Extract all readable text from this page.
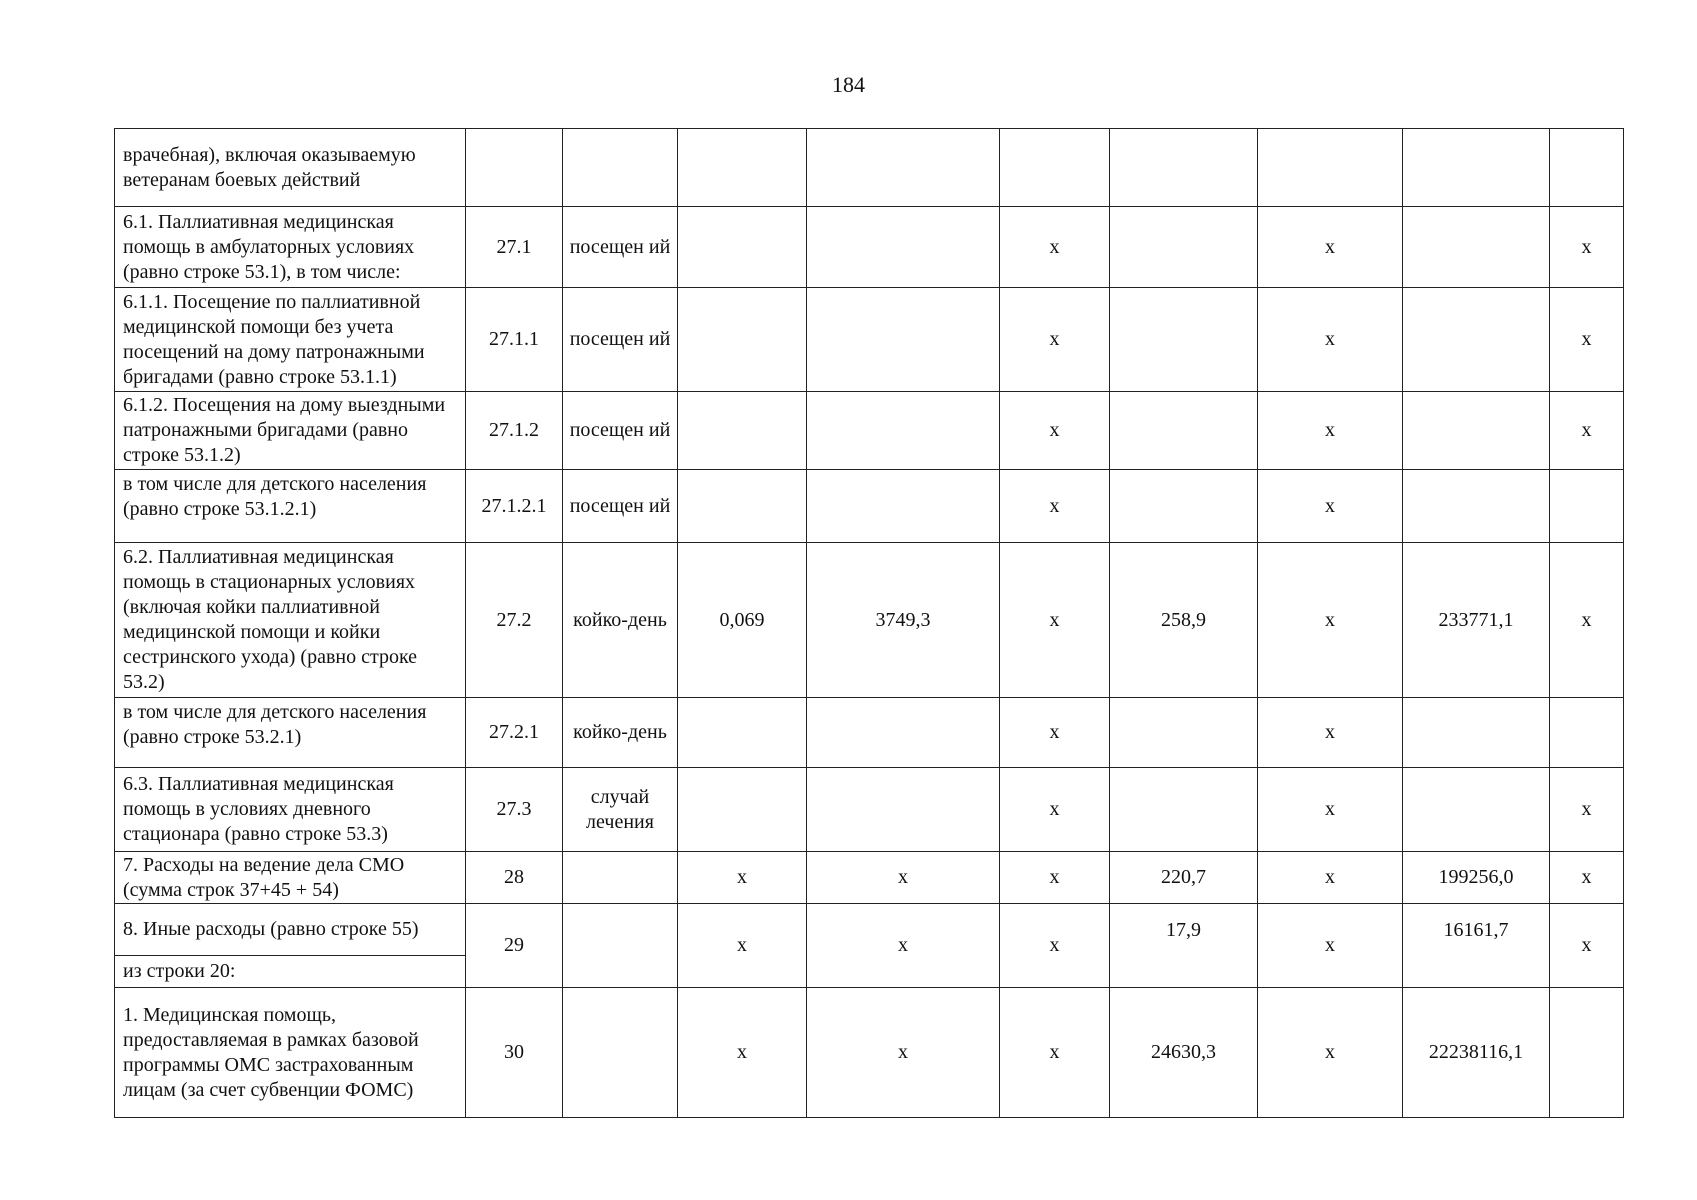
184
врачебная), включая оказываемую ветеранам боевых действий									
6.1. Паллиативная медицинская помощь в амбулаторных условиях (равно строке 53.1), в том числе:	27.1	посещен ий			х		х		х
6.1.1. Посещение по паллиативной медицинской помощи без учета посещений на дому патронажными бригадами (равно строке 53.1.1)	27.1.1	посещен ий			х		х		х
6.1.2. Посещения на дому выездными патронажными бригадами (равно строке 53.1.2)	27.1.2	посещен ий			х		х		х
в том числе для детского населения (равно строке 53.1.2.1)	27.1.2.1	посещен ий			х		х		
6.2. Паллиативная медицинская помощь в стационарных условиях (включая койки паллиативной медицинской помощи и койки сестринского ухода) (равно строке 53.2)	27.2	койко-день	0,069	3749,3	х	258,9	х	233771,1	х
в том числе для детского населения (равно строке 53.2.1)	27.2.1	койко-день			х		х		
6.3. Паллиативная медицинская помощь в условиях дневного стационара (равно строке 53.3)	27.3	случай лечения			х		х		х
7. Расходы на ведение дела СМО (сумма строк 37+45 + 54)	28		х	х	х	220,7	х	199256,0	х
8. Иные расходы (равно строке 55)	29		х	х	х	17,9	х	16161,7	х
из строки 20:									
1. Медицинская помощь, предоставляемая в рамках базовой программы ОМС застрахованным лицам (за счет субвенции ФОМС)	30		х	х	х	24630,3	х	22238116,1	
